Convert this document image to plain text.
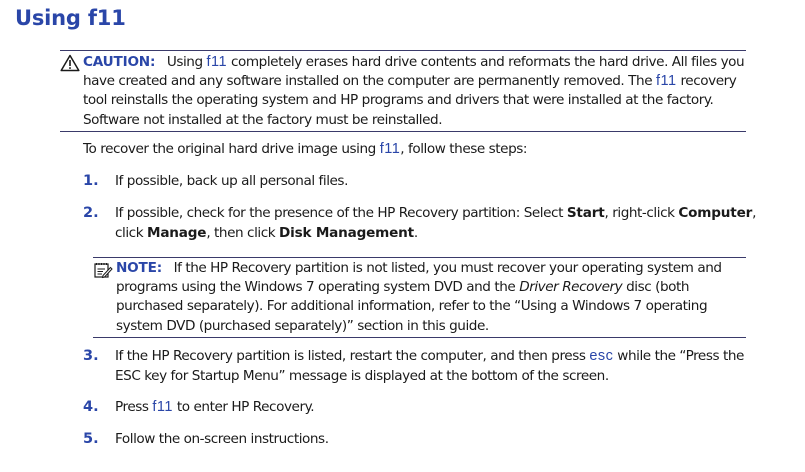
Using f11
CAUTION: Using f11 completely erases hard drive contents and reformats the hard drive. All files you have created and any software installed on the computer are permanently removed. The f11 recovery tool reinstalls the operating system and HP programs and drivers that were installed at the factory. Software not installed at the factory must be reinstalled.

To recover the original hard drive image using f11, follow these steps:

1. If possible, back up all personal files.
2. If possible, check for the presence of the HP Recovery partition: Select Start, right-click Computer, click Manage, then click Disk Management.
NOTE: If the HP Recovery partition is not listed, you must recover your operating system and programs using the Windows 7 operating system DVD and the Driver Recovery disc (both purchased separately). For additional information, refer to the “Using a Windows 7 operating system DVD (purchased separately)” section in this guide.
3. If the HP Recovery partition is listed, restart the computer, and then press esc while the “Press the ESC key for Startup Menu” message is displayed at the bottom of the screen.
4. Press f11 to enter HP Recovery.
5. Follow the on-screen instructions.
